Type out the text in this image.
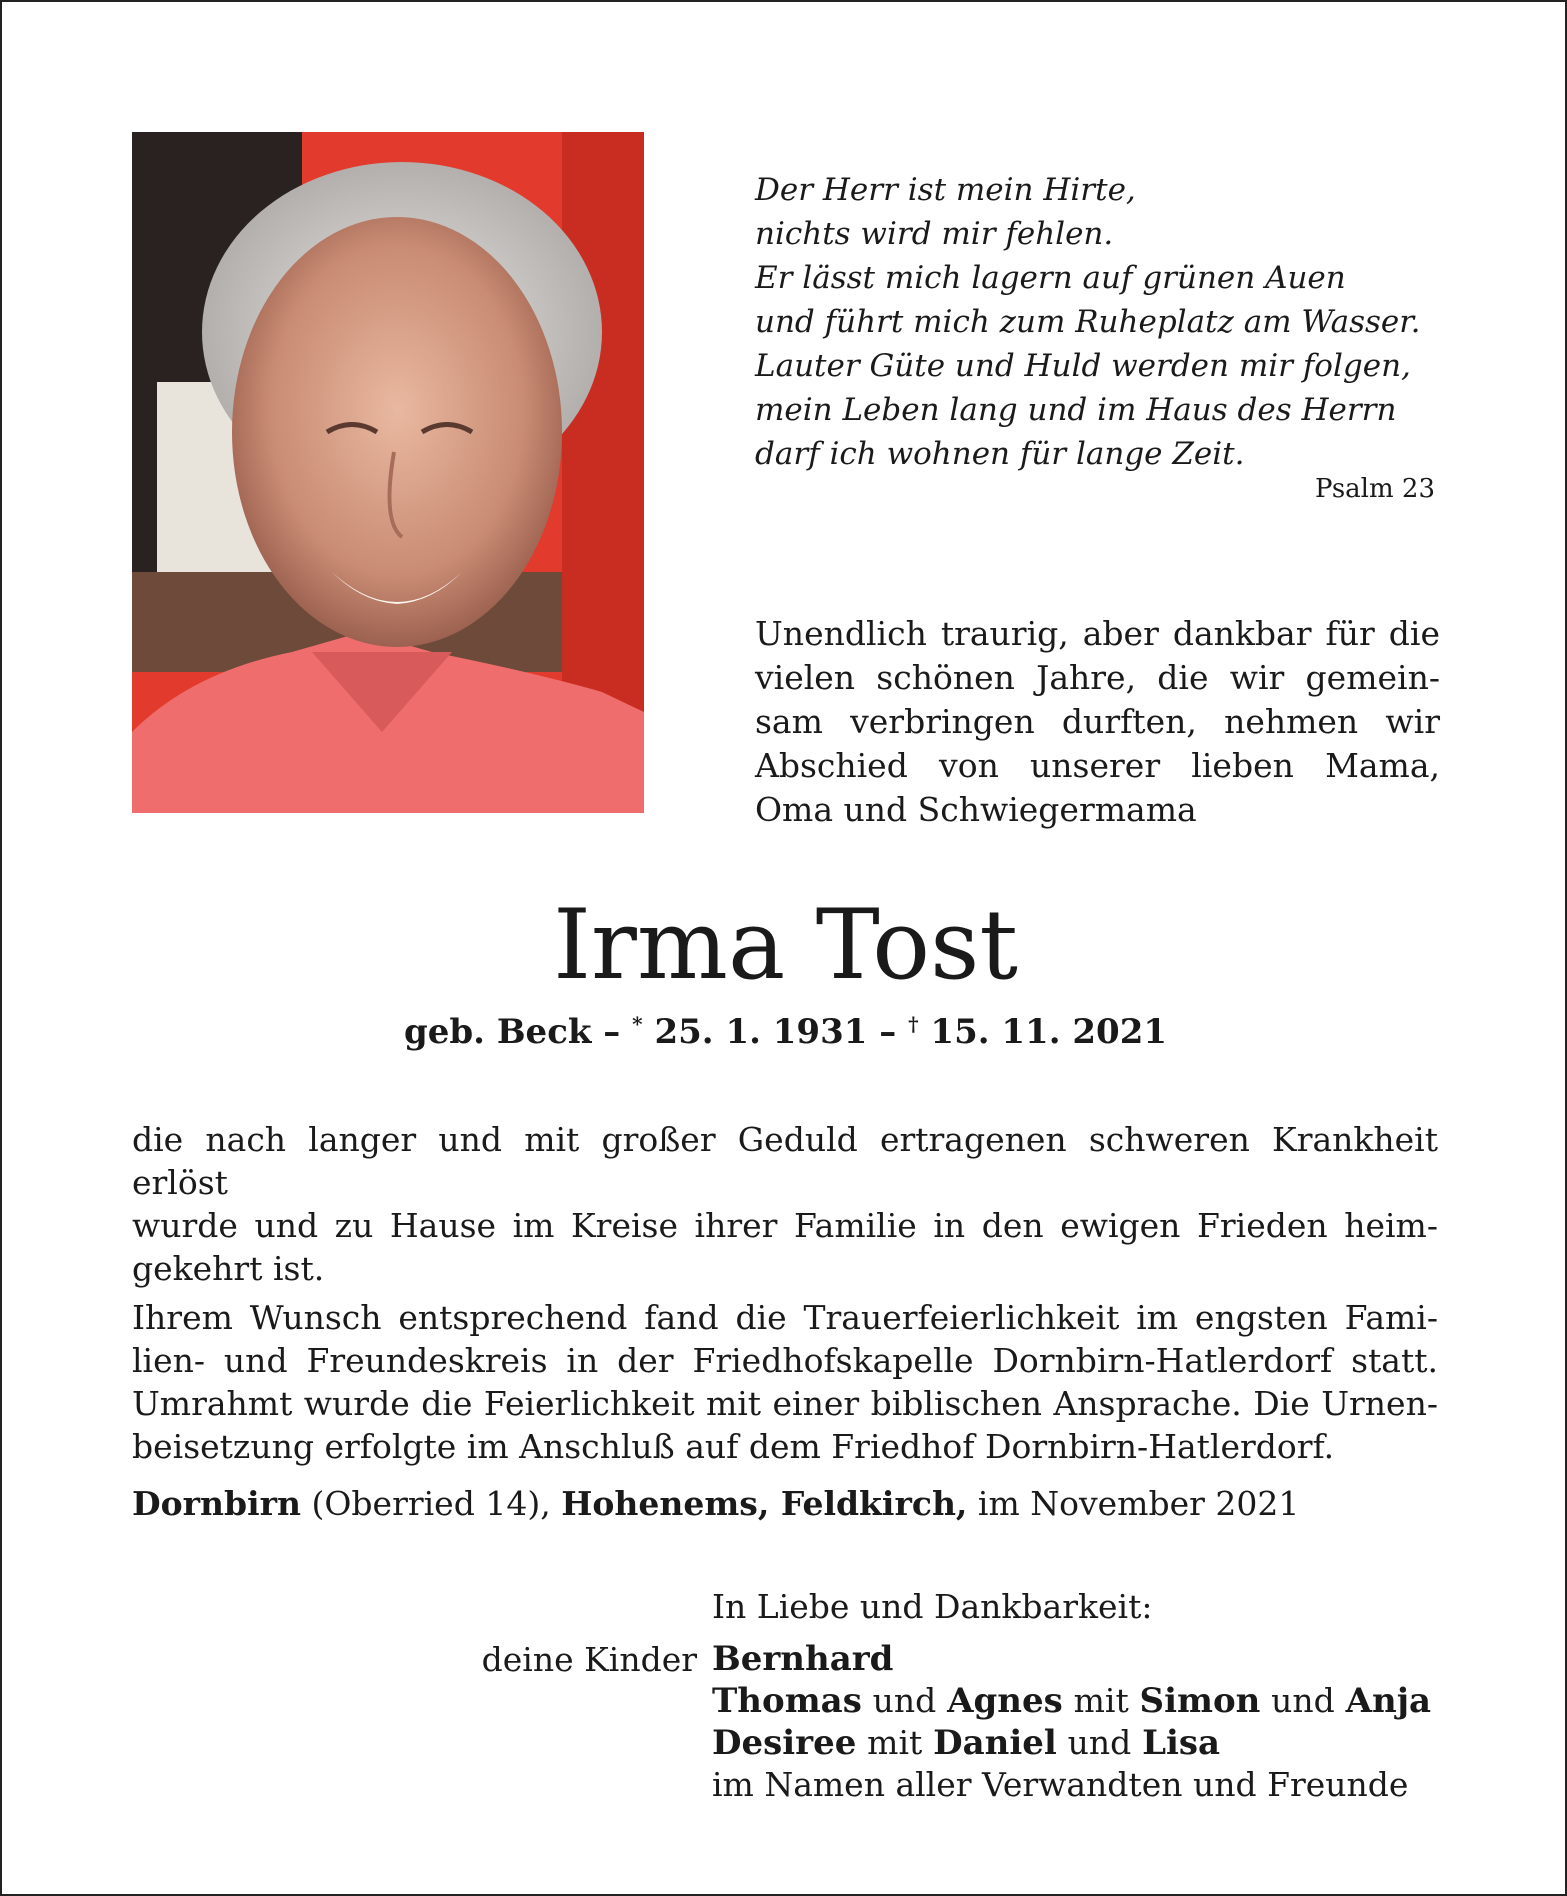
Der Herr ist mein Hirte,
nichts wird mir fehlen.
Er lässt mich lagern auf grünen Auen
und führt mich zum Ruheplatz am Wasser.
Lauter Güte und Huld werden mir folgen,
mein Leben lang und im Haus des Herrn
darf ich wohnen für lange Zeit.
Psalm 23
Unendlich traurig, aber dankbar für die
vielen schönen Jahre, die wir gemein-
sam verbringen durften, nehmen wir
Abschied von unserer lieben Mama,
Oma und Schwiegermama
Irma Tost
geb. Beck – * 25. 1. 1931 – † 15. 11. 2021
die nach langer und mit großer Geduld ertragenen schweren Krankheit erlöst
wurde und zu Hause im Kreise ihrer Familie in den ewigen Frieden heim-
gekehrt ist.
Ihrem Wunsch entsprechend fand die Trauerfeierlichkeit im engsten Fami-
lien- und Freundeskreis in der Friedhofskapelle Dornbirn-Hatlerdorf statt.
Umrahmt wurde die Feierlichkeit mit einer biblischen Ansprache. Die Urnen-
beisetzung erfolgte im Anschluß auf dem Friedhof Dornbirn-Hatlerdorf.
Dornbirn (Oberried 14), Hohenems, Feldkirch, im November 2021
In Liebe und Dankbarkeit:
deine Kinder Bernhard
Thomas und Agnes mit Simon und Anja
Desiree mit Daniel und Lisa
im Namen aller Verwandten und Freunde
